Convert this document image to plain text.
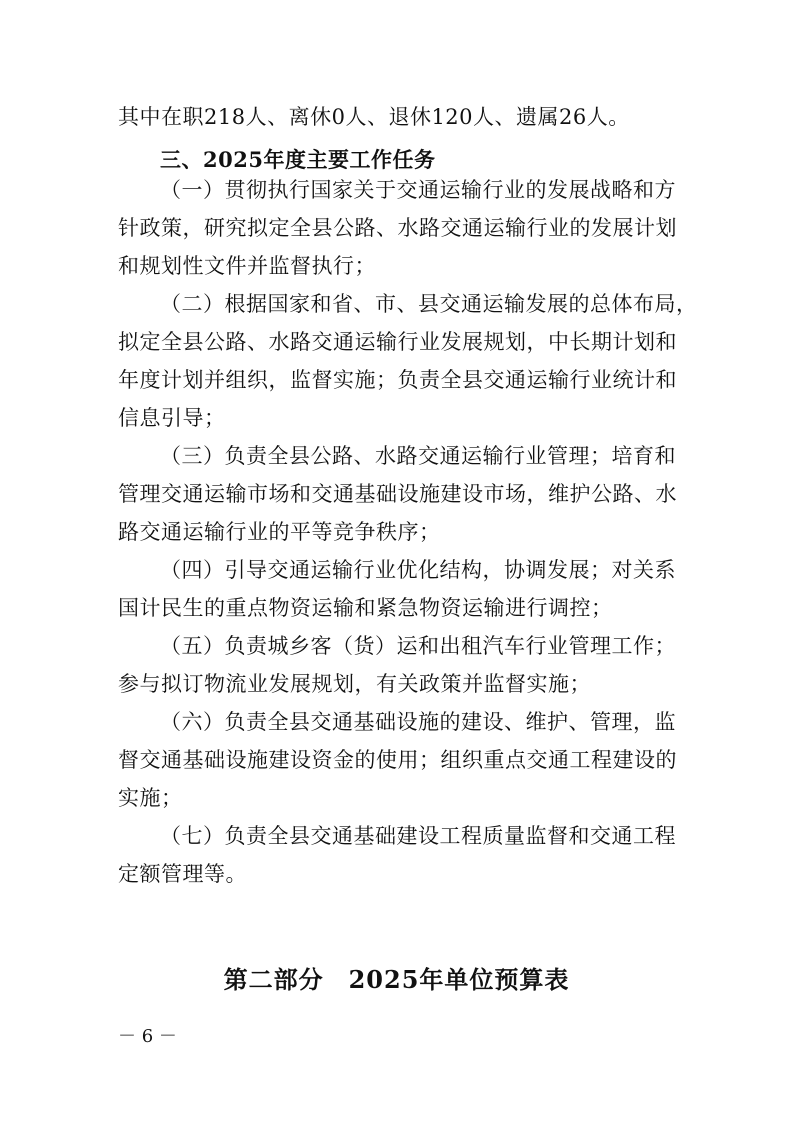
其中在职218人、离休0人、退休120人、遗属26人。
三、2025年度主要工作任务
（一）贯彻执行国家关于交通运输行业的发展战略和方
针政策，研究拟定全县公路、水路交通运输行业的发展计划
和规划性文件并监督执行；
（二）根据国家和省、市、县交通运输发展的总体布局，
拟定全县公路、水路交通运输行业发展规划，中长期计划和
年度计划并组织，监督实施；负责全县交通运输行业统计和
信息引导；
（三）负责全县公路、水路交通运输行业管理；培育和
管理交通运输市场和交通基础设施建设市场，维护公路、水
路交通运输行业的平等竞争秩序；
（四）引导交通运输行业优化结构，协调发展；对关系
国计民生的重点物资运输和紧急物资运输进行调控；
（五）负责城乡客（货）运和出租汽车行业管理工作；
参与拟订物流业发展规划，有关政策并监督实施；
（六）负责全县交通基础设施的建设、维护、管理，监
督交通基础设施建设资金的使用；组织重点交通工程建设的
实施；
（七）负责全县交通基础建设工程质量监督和交通工程
定额管理等。
第二部分　2025年单位预算表
－ 6 －
